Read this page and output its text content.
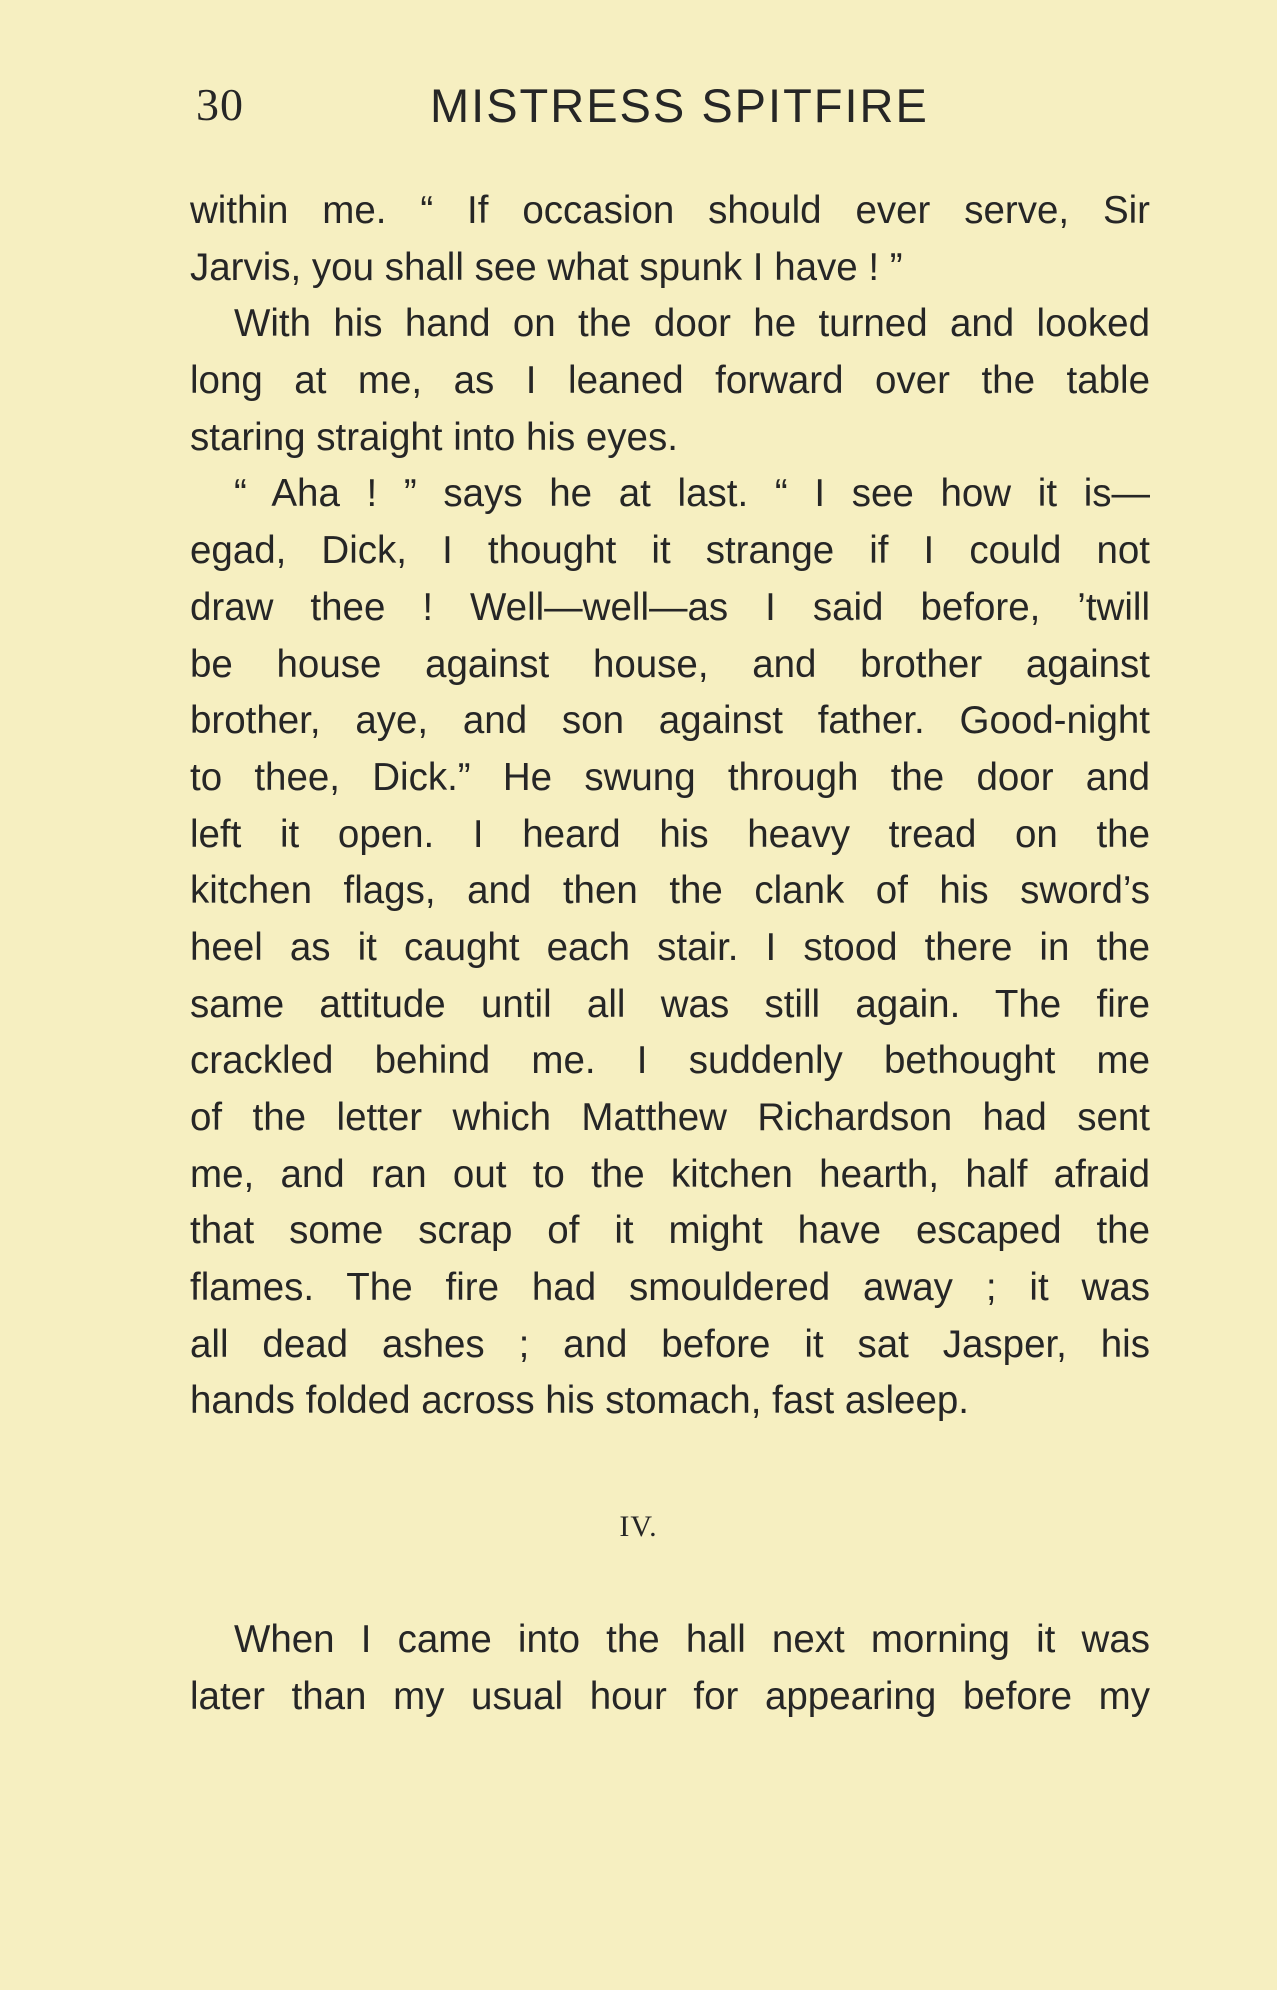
30	MISTRESS SPITFIRE
within me. “ If occasion should ever serve, Sir
Jarvis, you shall see what spunk I have ! ”
With his hand on the door he turned and looked
long at me, as I leaned forward over the table
staring straight into his eyes.
“ Aha ! ” says he at last. “ I see how it is—
egad, Dick, I thought it strange if I could not
draw thee ! Well—well—as I said before, ’twill
be house against house, and brother against
brother, aye, and son against father. Good-night
to thee, Dick.” He swung through the door and
left it open. I heard his heavy tread on the
kitchen flags, and then the clank of his sword’s
heel as it caught each stair. I stood there in the
same attitude until all was still again. The fire
crackled behind me. I suddenly bethought me
of the letter which Matthew Richardson had sent
me, and ran out to the kitchen hearth, half afraid
that some scrap of it might have escaped the
flames. The fire had smouldered away ; it was
all dead ashes ; and before it sat Jasper, his
hands folded across his stomach, fast asleep.
IV.
When I came into the hall next morning it was
later than my usual hour for appearing before my
